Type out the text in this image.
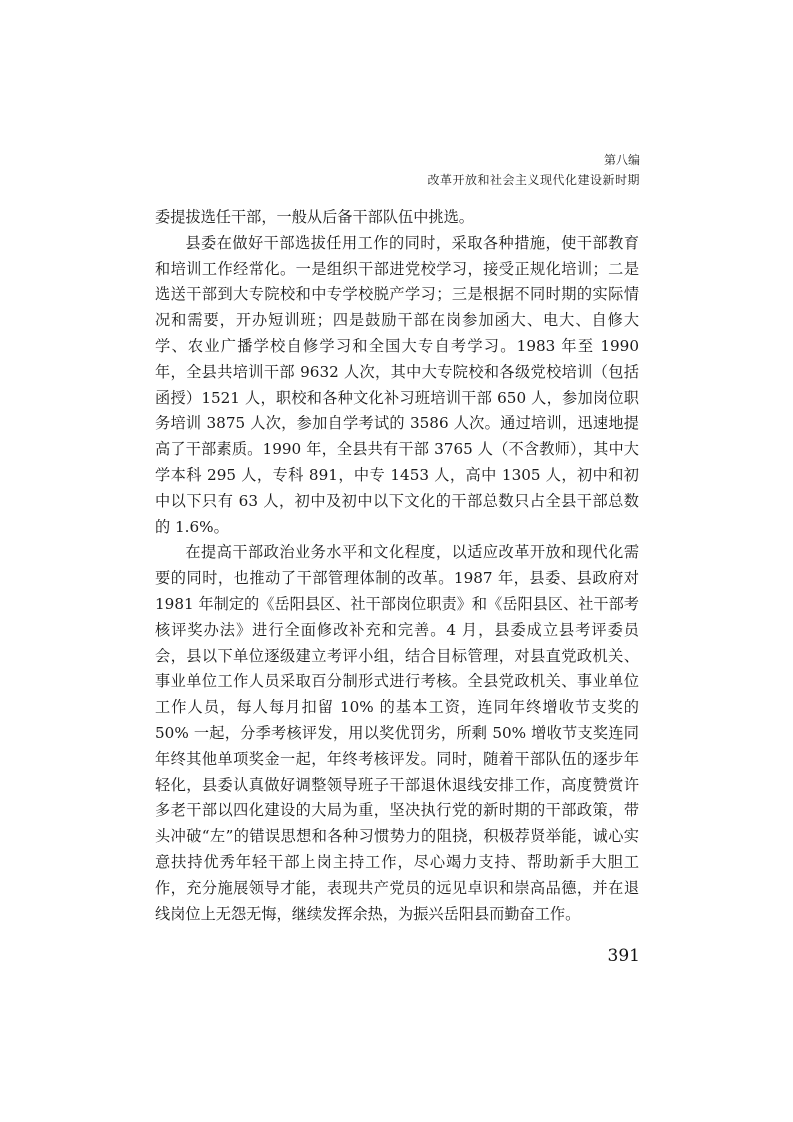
第八编
改革开放和社会主义现代化建设新时期

委提拔选任干部，一般从后备干部队伍中挑选。

县委在做好干部选拔任用工作的同时，采取各种措施，使干部教育和培训工作经常化。一是组织干部进党校学习，接受正规化培训；二是选送干部到大专院校和中专学校脱产学习；三是根据不同时期的实际情况和需要，开办短训班；四是鼓励干部在岗参加函大、电大、自修大学、农业广播学校自修学习和全国大专自考学习。1983 年至 1990 年，全县共培训干部 9632 人次，其中大专院校和各级党校培训（包括函授）1521 人，职校和各种文化补习班培训干部 650 人，参加岗位职务培训 3875 人次，参加自学考试的 3586 人次。通过培训，迅速地提高了干部素质。1990 年，全县共有干部 3765 人（不含教师），其中大学本科 295 人，专科 891，中专 1453 人，高中 1305 人，初中和初中以下只有 63 人，初中及初中以下文化的干部总数只占全县干部总数的 1.6%。

在提高干部政治业务水平和文化程度，以适应改革开放和现代化需要的同时，也推动了干部管理体制的改革。1987 年，县委、县政府对 1981 年制定的《岳阳县区、社干部岗位职责》和《岳阳县区、社干部考核评奖办法》进行全面修改补充和完善。4 月，县委成立县考评委员会，县以下单位逐级建立考评小组，结合目标管理，对县直党政机关、事业单位工作人员采取百分制形式进行考核。全县党政机关、事业单位工作人员，每人每月扣留 10% 的基本工资，连同年终增收节支奖的 50% 一起，分季考核评发，用以奖优罚劣，所剩 50% 增收节支奖连同年终其他单项奖金一起，年终考核评发。同时，随着干部队伍的逐步年轻化，县委认真做好调整领导班子干部退休退线安排工作，高度赞赏许多老干部以四化建设的大局为重，坚决执行党的新时期的干部政策，带头冲破“左”的错误思想和各种习惯势力的阻挠，积极荐贤举能，诚心实意扶持优秀年轻干部上岗主持工作，尽心竭力支持、帮助新手大胆工作，充分施展领导才能，表现共产党员的远见卓识和崇高品德，并在退线岗位上无怨无悔，继续发挥余热，为振兴岳阳县而勤奋工作。

391
